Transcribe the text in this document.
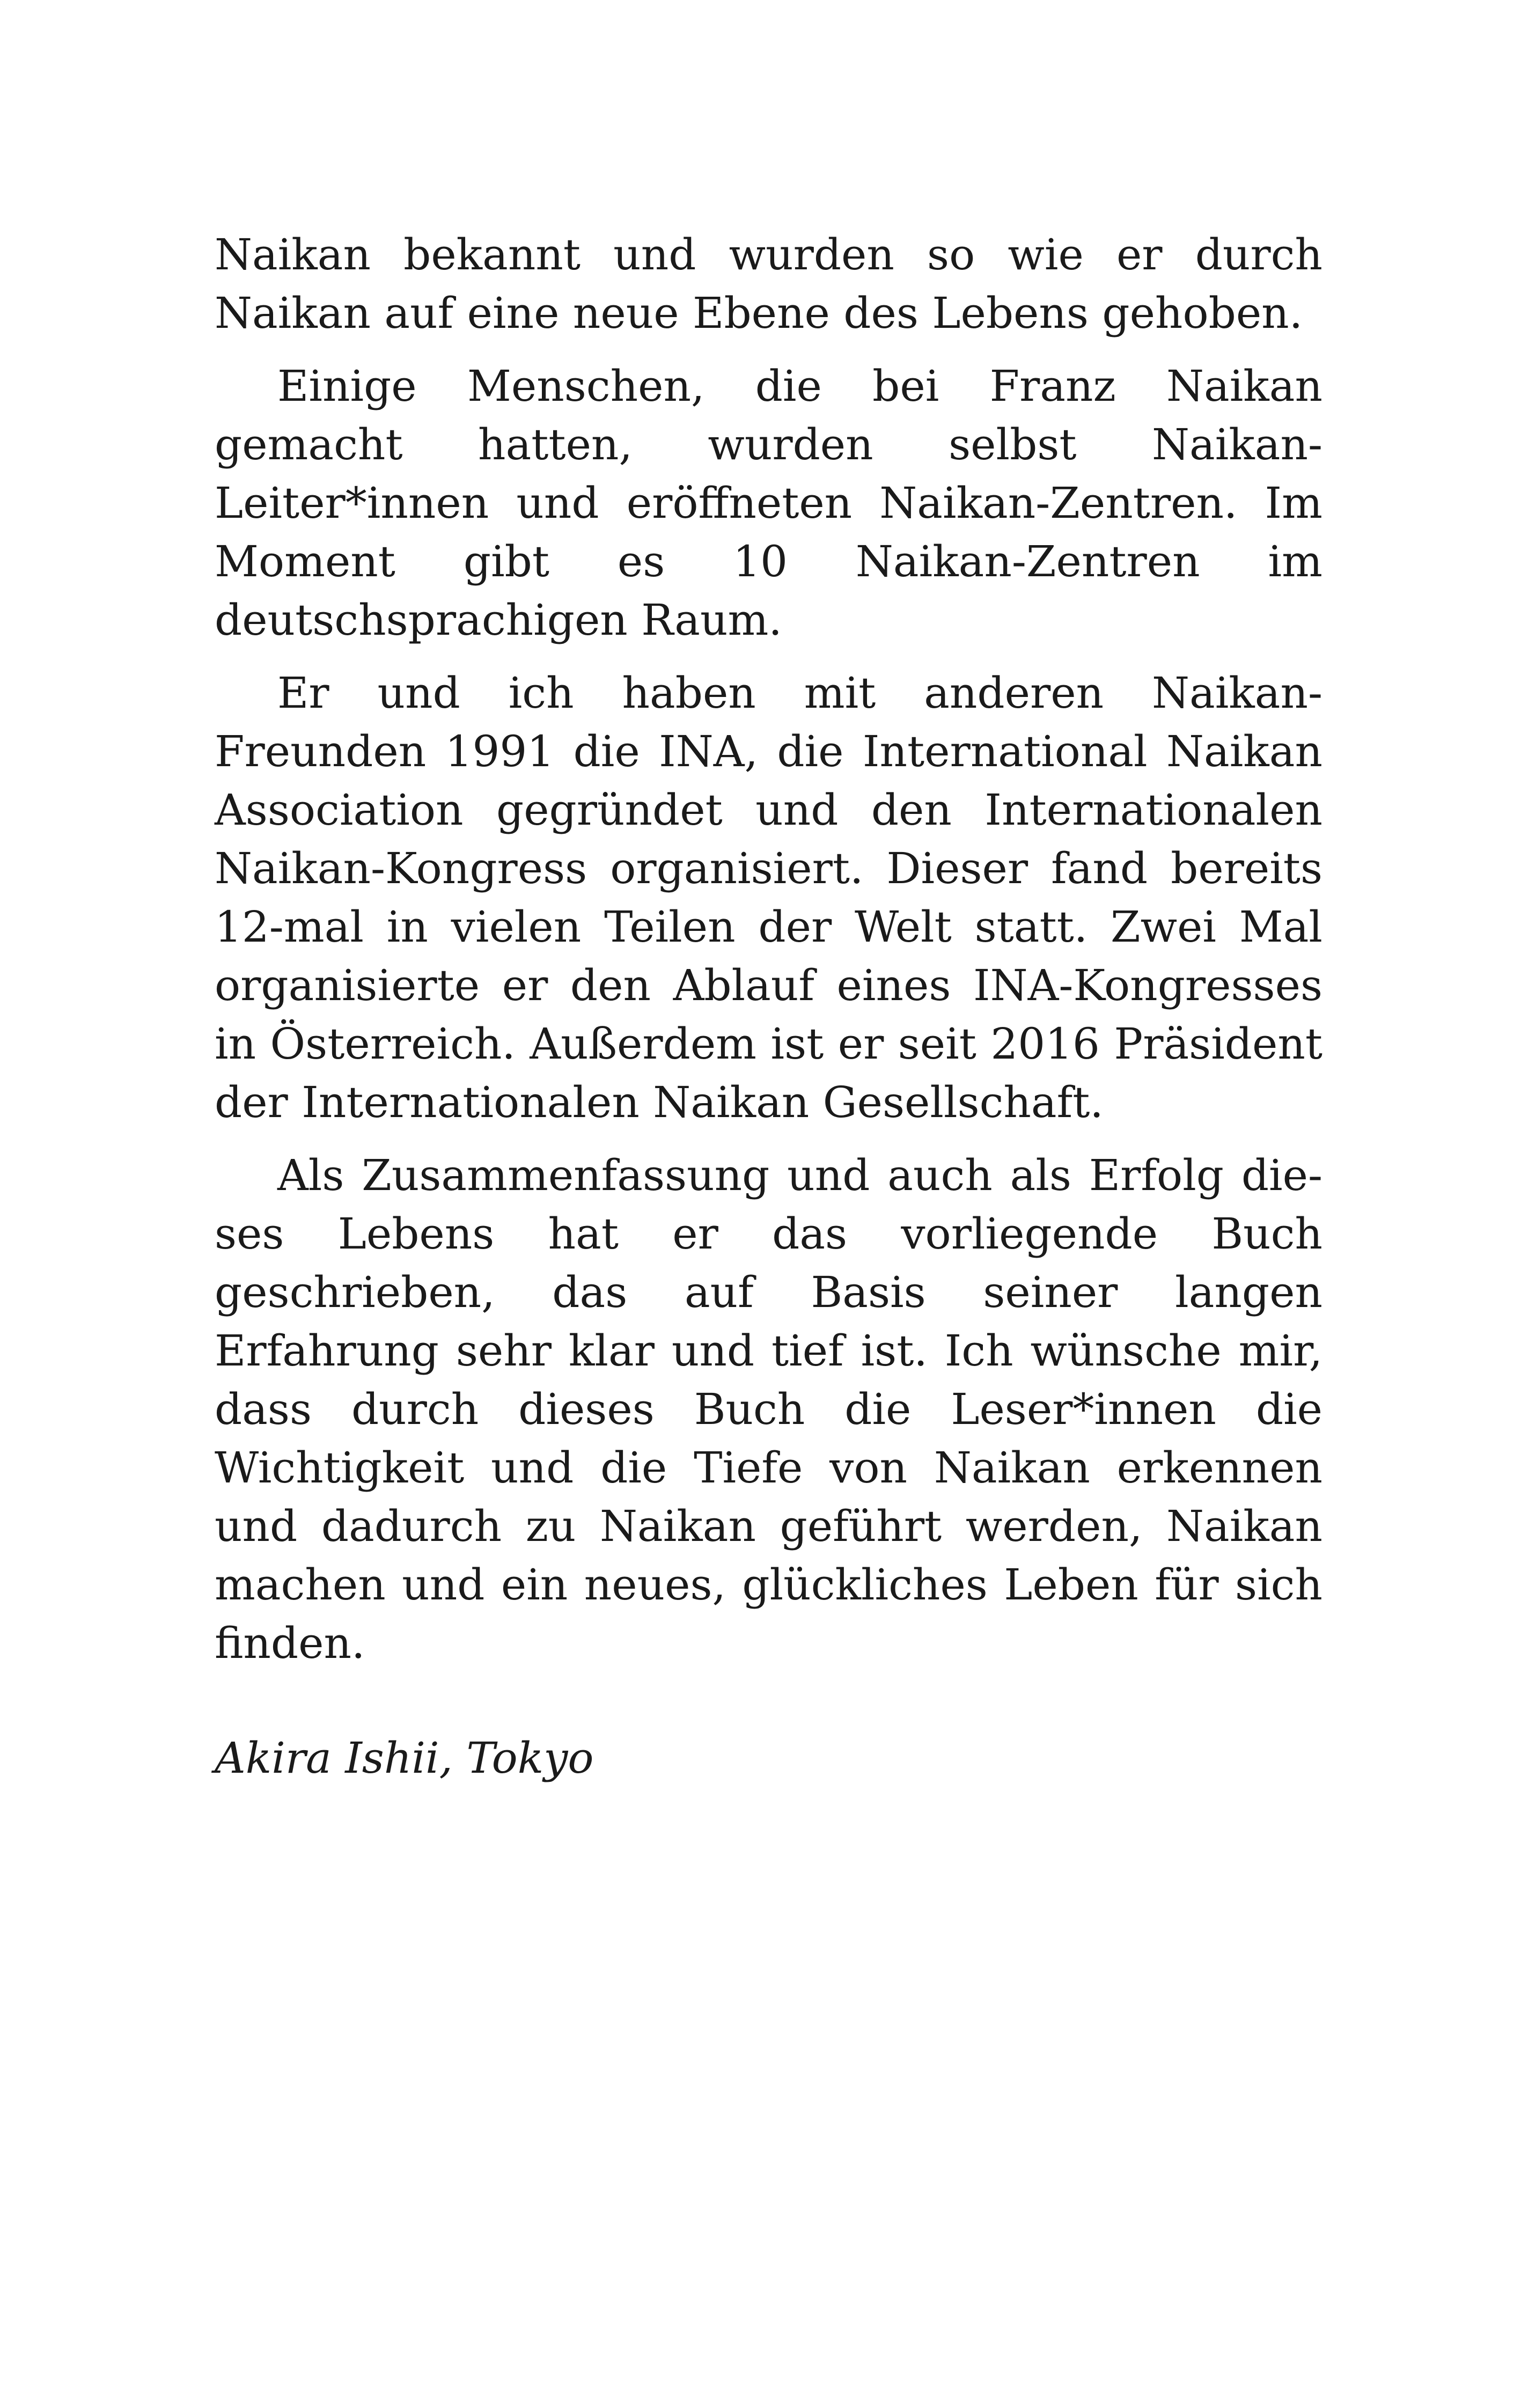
Naikan bekannt und wurden so wie er durch Naikan auf eine neue Ebene des Lebens gehoben.

Einige Menschen, die bei Franz Naikan gemacht hatten, wurden selbst Naikan-Leiter*innen und eröffneten Naikan-Zentren. Im Moment gibt es 10 Naikan-Zentren im deutschsprachigen Raum.

Er und ich haben mit anderen Naikan-Freunden 1991 die INA, die International Naikan Association gegründet und den Internationalen Naikan-Kongress organisiert. Dieser fand bereits 12-mal in vielen Teilen der Welt statt. Zwei Mal organisierte er den Ablauf eines INA-Kongresses in Österreich. Außerdem ist er seit 2016 Präsident der Internationalen Naikan Gesellschaft.

Als Zusammenfassung und auch als Erfolg dieses Lebens hat er das vorliegende Buch geschrieben, das auf Basis seiner langen Erfahrung sehr klar und tief ist. Ich wünsche mir, dass durch dieses Buch die Leser*innen die Wichtigkeit und die Tiefe von Naikan erkennen und dadurch zu Naikan geführt werden, Naikan machen und ein neues, glückliches Leben für sich finden.

Akira Ishii, Tokyo
